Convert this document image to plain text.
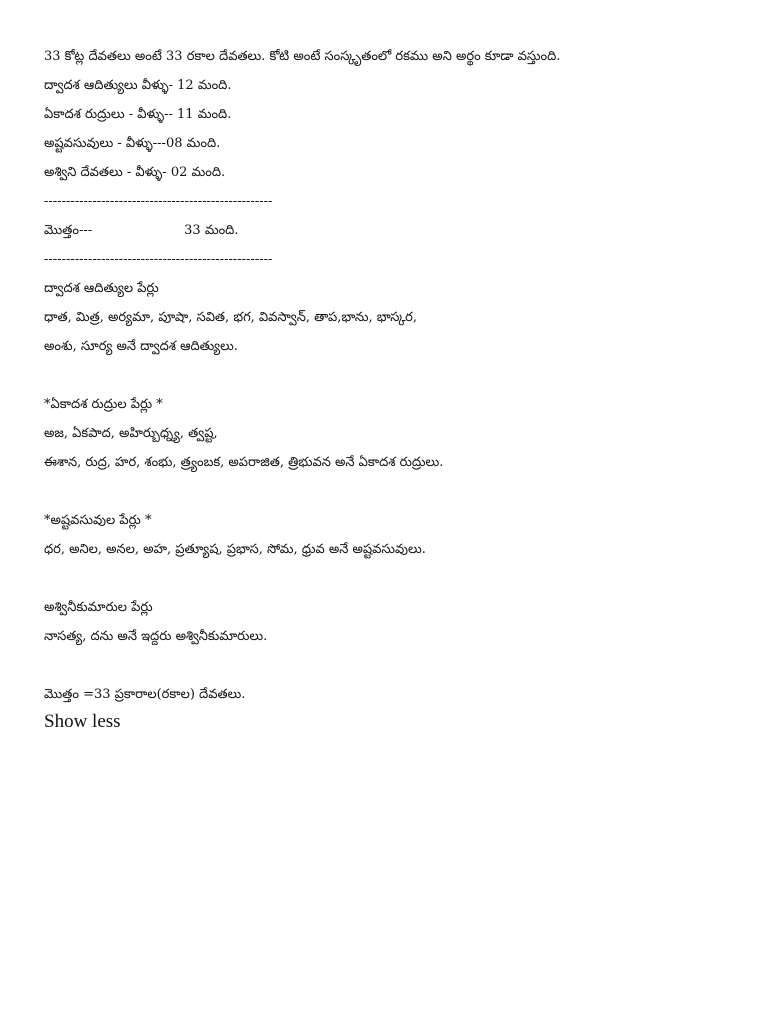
33 కోట్ల దేవతలు అంటే 33 రకాల దేవతలు. కోటి అంటే సంస్కృతంలో రకము అని అర్థం కూడా వస్తుంది.
ద్వాదశ ఆదిత్యులు వీళ్ళు- 12 మంది.
ఏకాదశ రుద్రులు - వీళ్ళు-- 11 మంది.
అష్టవసువులు - వీళ్ళు---08 మంది.
అశ్విని దేవతలు - వీళ్ళు- 02 మంది.
----------------------------------------------------
మొత్తం---	33 మంది.
----------------------------------------------------
ద్వాదశ ఆదిత్యుల పేర్లు
ధాత, మిత్ర, అర్యమా, పూషా, సవిత, భగ, వివస్వాన్, తాప,భాను, భాస్కర,
అంశు, సూర్య అనే ద్వాదశ ఆదిత్యులు.
*ఏకాదశ రుద్రుల పేర్లు *
అజ, ఏకపాద, అహిర్బుధ్న్య, త్వష్ట,
ఈశాన, రుద్ర, హర, శంభు, త్ర్యంబక, అపరాజిత, త్రిభువన అనే ఏకాదశ రుద్రులు.
*అష్టవసువుల పేర్లు *
ధర, అనిల, అనల, అహ, ప్రత్యూష, ప్రభాస, సోమ, ధ్రువ అనే అష్టవసువులు.
అశ్వినీకుమారుల పేర్లు
నాసత్య, దను అనే ఇద్దరు అశ్వినీకుమారులు.
మొత్తం =33 ప్రకారాల(రకాల) దేవతలు.
Show less
